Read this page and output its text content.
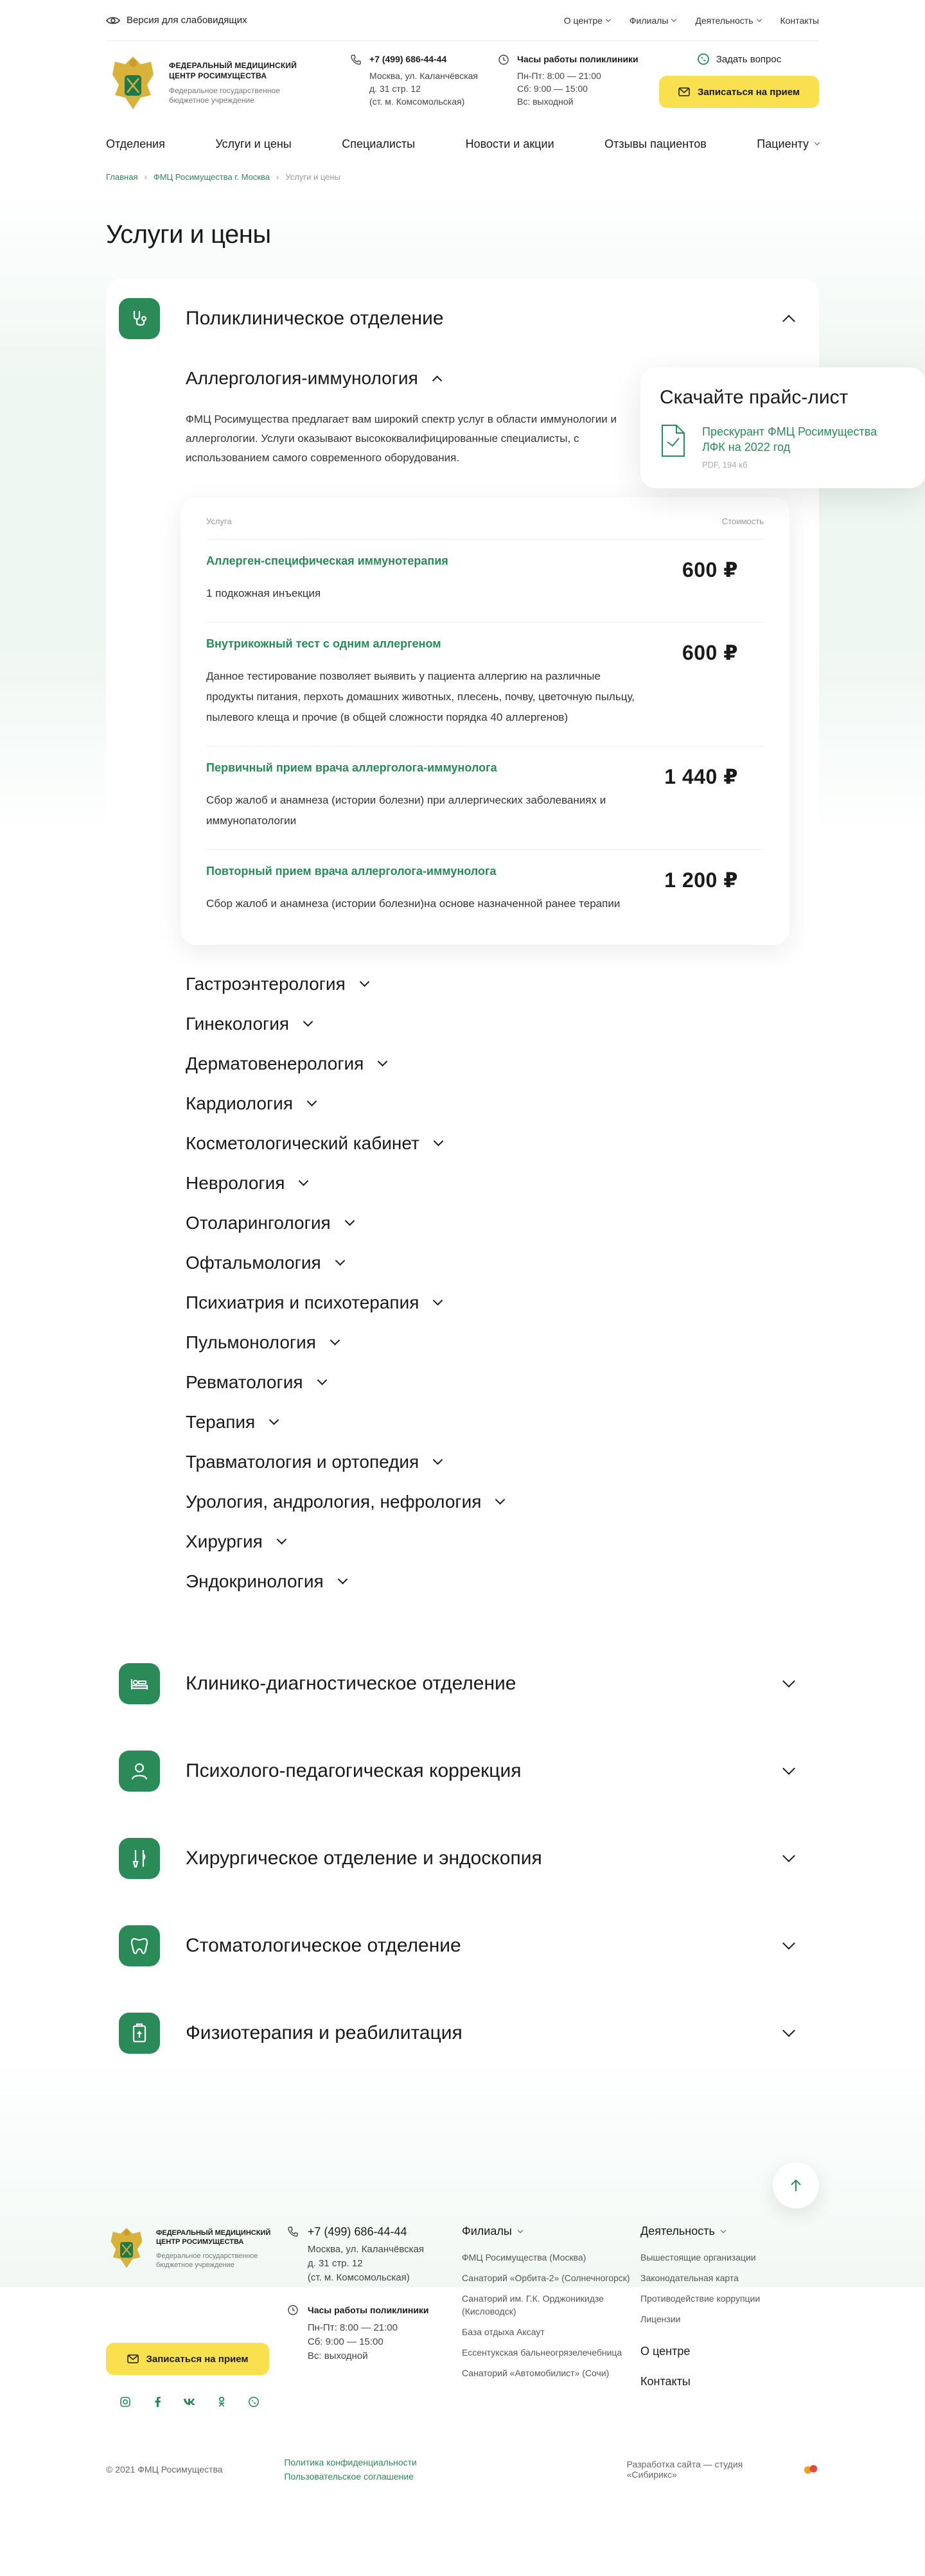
Версия для слабовидящих	О центре	Филиалы	Деятельность	Контакты
ФЕДЕРАЛЬНЫЙ МЕДИЦИНСКИЙ ЦЕНТР РОСИМУЩЕСТВА
Федеральное государственное бюджетное учреждение
+7 (499) 686-44-44
Москва, ул. Каланчёвская
д. 31 стр. 12
(ст. м. Комсомольская)
Часы работы поликлиники
Пн-Пт: 8:00 — 21:00
Сб: 9:00 — 15:00
Вс: выходной
Задать вопрос
Записаться на прием
Отделения	Услуги и цены	Специалисты	Новости и акции	Отзывы пациентов	Пациенту
Главная › ФМЦ Росимущества г. Москва › Услуги и цены
Услуги и цены
Поликлиническое отделение
Аллергология-иммунология
ФМЦ Росимущества предлагает вам широкий спектр услуг в области иммунологии и аллергологии. Услуги оказывают высококвалифицированные специалисты, с использованием самого современного оборудования.
Услуга	Стоимость
Аллерген-специфическая иммунотерапия
1 подкожная инъекция
600 ₽
Внутрикожный тест с одним аллергеном
Данное тестирование позволяет выявить у пациента аллергию на различные продукты питания, перхоть домашних животных, плесень, почву, цветочную пыльцу, пылевого клеща и прочие (в общей сложности порядка 40 аллергенов)
600 ₽
Первичный прием врача аллерголога-иммунолога
Сбор жалоб и анамнеза (истории болезни) при аллергических заболеваниях и иммунопатологии
1 440 ₽
Повторный прием врача аллерголога-иммунолога
Сбор жалоб и анамнеза (истории болезни)на основе назначенной ранее терапии
1 200 ₽
Гастроэнтерология
Гинекология
Дерматовенерология
Кардиология
Косметологический кабинет
Неврология
Отоларингология
Офтальмология
Психиатрия и психотерапия
Пульмонология
Ревматология
Терапия
Травматология и ортопедия
Урология, андрология, нефрология
Хирургия
Эндокринология
Скачайте прайс-лист
Прескурант ФМЦ Росимущества ЛФК на 2022 год
PDF, 194 кб
Клинико-диагностическое отделение
Психолого-педагогическая коррекция
Хирургическое отделение и эндоскопия
Стоматологическое отделение
Физиотерапия и реабилитация
ФЕДЕРАЛЬНЫЙ МЕДИЦИНСКИЙ ЦЕНТР РОСИМУЩЕСТВА
Федеральное государственное бюджетное учреждение
Записаться на прием
+7 (499) 686-44-44
Москва, ул. Каланчёвская
д. 31 стр. 12
(ст. м. Комсомольская)
Часы работы поликлиники
Пн-Пт: 8:00 — 21:00
Сб: 9:00 — 15:00
Вс: выходной
Филиалы
ФМЦ Росимущества (Москва)
Санаторий «Орбита-2» (Солнечногорск)
Санаторий им. Г.К. Орджоникидзе (Кисловодск)
База отдыха Аксаут
Ессентукская бальнеогрязелечебница
Санаторий «Автомобилист» (Сочи)
Деятельность
Вышестоящие организации
Законодательная карта
Противодействие коррупции
Лицензии
О центре
Контакты
© 2021 ФМЦ Росимущества
Политика конфиденциальности
Пользовательское соглашение
Разработка сайта — студия «Сибирикс»
